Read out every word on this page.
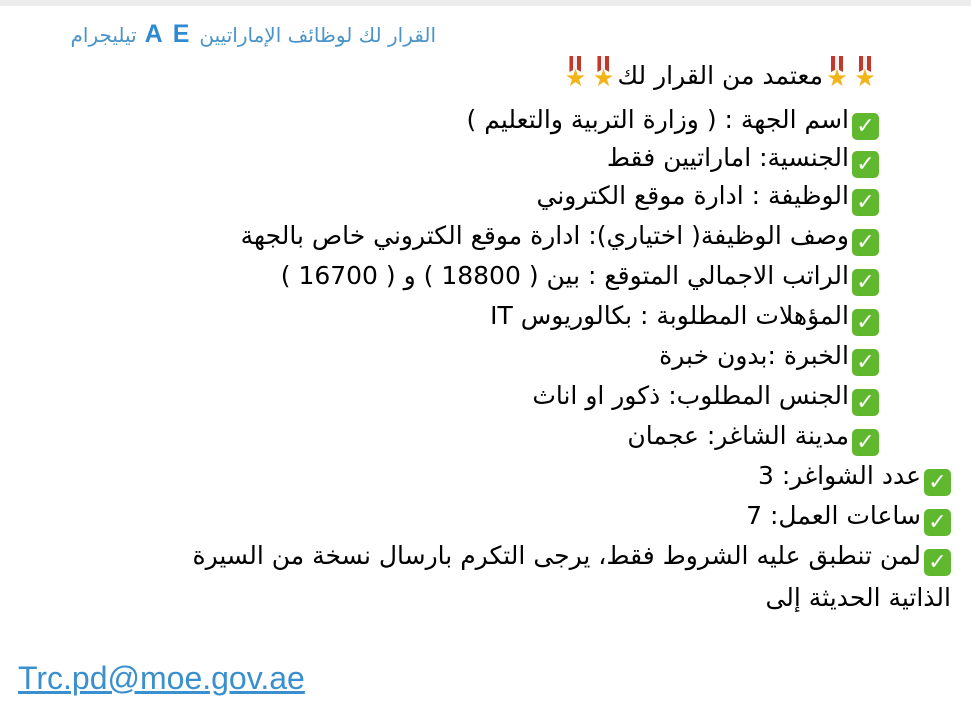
القرار لك لوظائف الإماراتيين
A E
تيليجرام
★
★
معتمد من القرار لك
★
★
✓اسم الجهة : ( وزارة التربية والتعليم )
✓الجنسية: اماراتيين فقط
✓الوظيفة : ادارة موقع الكتروني
✓وصف الوظيفة( اختياري): ادارة موقع الكتروني خاص بالجهة
✓الراتب الاجمالي المتوقع : بين ( 18800 ) و ( 16700 )
✓المؤهلات المطلوبة : بكالوريوس IT
✓الخبرة :بدون خبرة
✓الجنس المطلوب: ذكور او اناث
✓مدينة الشاغر: عجمان
✓عدد الشواغر: 3
✓ساعات العمل: 7
✓لمن تنطبق عليه الشروط فقط، يرجى التكرم بارسال نسخة من السيرة
الذاتية الحديثة إلى
Trc.pd@moe.gov.ae
